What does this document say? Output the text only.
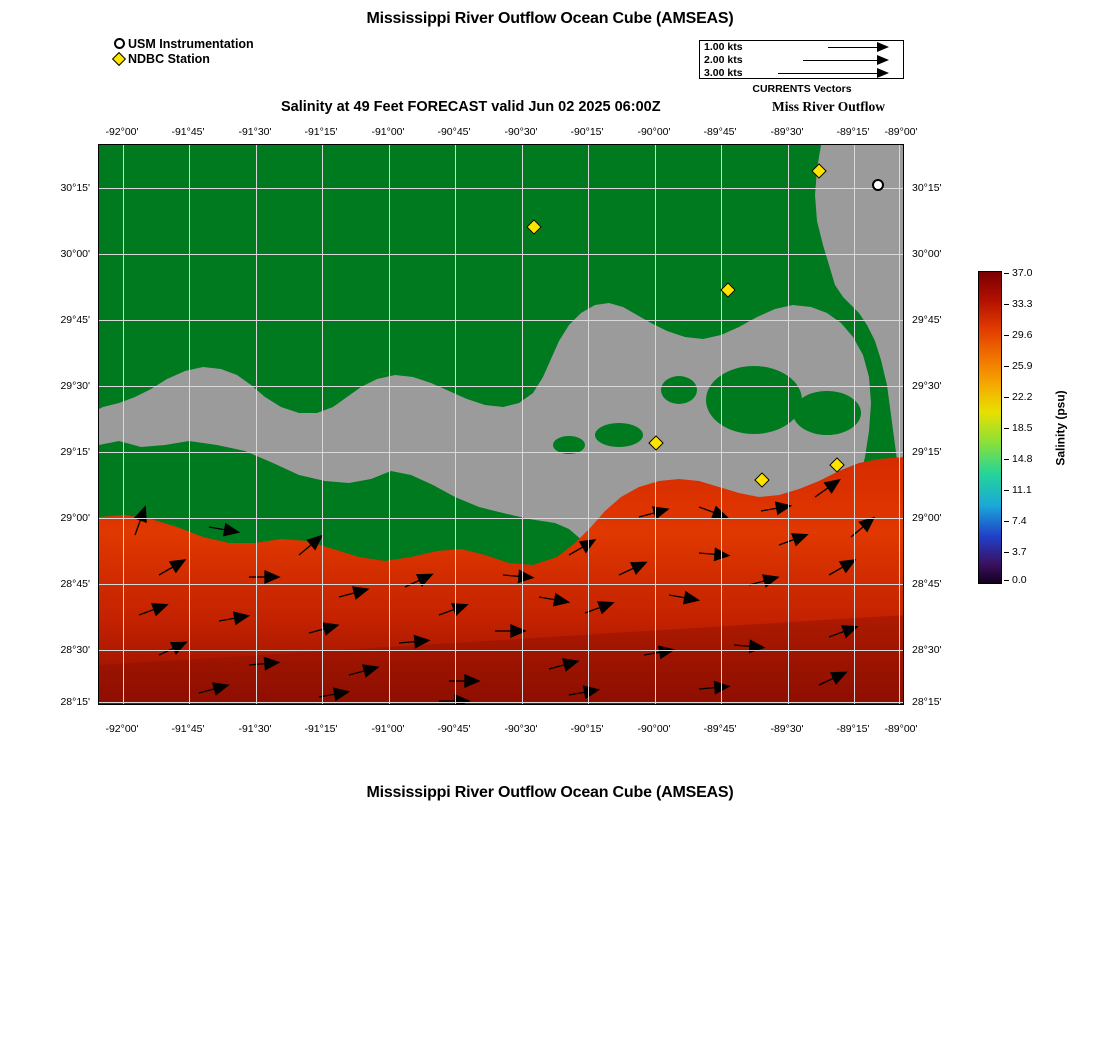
Mississippi River Outflow Ocean Cube (AMSEAS)
Mississippi River Outflow Ocean Cube (AMSEAS)
Salinity at 49 Feet FORECAST valid Jun 02 2025 06:00Z	Miss River Outflow
USM Instrumentation
NDBC Station
1.00 kts
2.00 kts
3.00 kts
CURRENTS Vectors
-92°00'	-91°45'	-91°30'	-91°15'	-91°00'	-90°45'	-90°30'	-90°15'	-90°00'	-89°45'	-89°30'	-89°15' -89°00'
-92°00'	-91°45'	-91°30'	-91°15'	-91°00'	-90°45'	-90°30'	-90°15'	-90°00'	-89°45'	-89°30'	-89°15' -89°00'
30°15'
30°00'
29°45'
29°30'
29°15'
29°00'
28°45'
28°30'
28°15'
30°15'
30°00'
29°45'
29°30'
29°15'
29°00'
28°45'
28°30'
28°15'
37.0
33.3
29.6
25.9
22.2
18.5
14.8
11.1
7.4
3.7
0.0
Salinity (psu)
